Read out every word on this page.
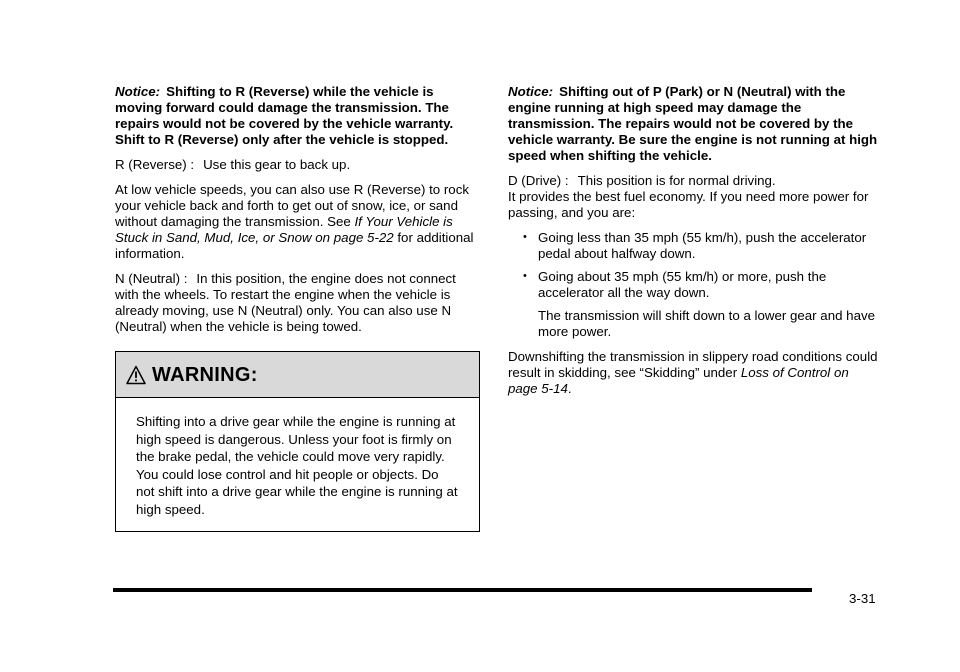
Notice: Shifting to R (Reverse) while the vehicle is moving forward could damage the transmission. The repairs would not be covered by the vehicle warranty. Shift to R (Reverse) only after the vehicle is stopped.

R (Reverse) : Use this gear to back up.

At low vehicle speeds, you can also use R (Reverse) to rock your vehicle back and forth to get out of snow, ice, or sand without damaging the transmission. See If Your Vehicle is Stuck in Sand, Mud, Ice, or Snow on page 5-22 for additional information.

N (Neutral) : In this position, the engine does not connect with the wheels. To restart the engine when the vehicle is already moving, use N (Neutral) only. You can also use N (Neutral) when the vehicle is being towed.

WARNING:
Shifting into a drive gear while the engine is running at high speed is dangerous. Unless your foot is firmly on the brake pedal, the vehicle could move very rapidly. You could lose control and hit people or objects. Do not shift into a drive gear while the engine is running at high speed.

Notice: Shifting out of P (Park) or N (Neutral) with the engine running at high speed may damage the transmission. The repairs would not be covered by the vehicle warranty. Be sure the engine is not running at high speed when shifting the vehicle.

D (Drive) : This position is for normal driving.
It provides the best fuel economy. If you need more power for passing, and you are:

• Going less than 35 mph (55 km/h), push the accelerator pedal about halfway down.
• Going about 35 mph (55 km/h) or more, push the accelerator all the way down.

The transmission will shift down to a lower gear and have more power.

Downshifting the transmission in slippery road conditions could result in skidding, see “Skidding” under Loss of Control on page 5-14.

3-31
